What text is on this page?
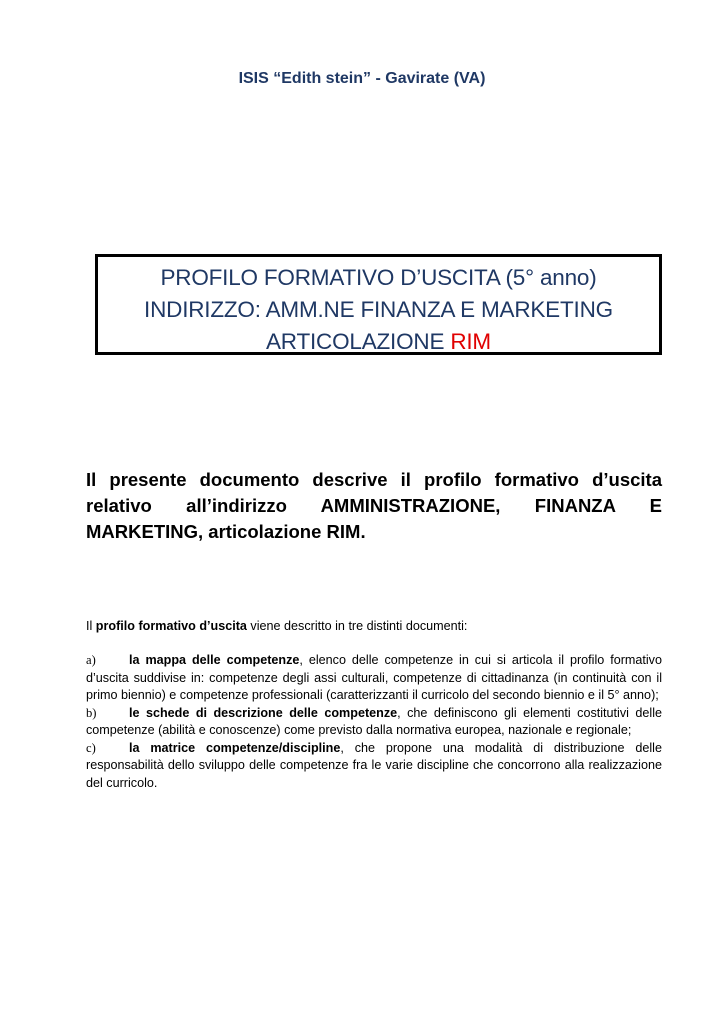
ISIS “Edith stein” - Gavirate (VA)
PROFILO FORMATIVO D’USCITA (5° anno)
INDIRIZZO: AMM.NE FINANZA E MARKETING
ARTICOLAZIONE RIM
Il presente documento descrive il profilo formativo d’uscita relativo all’indirizzo AMMINISTRAZIONE, FINANZA E MARKETING, articolazione RIM.
Il profilo formativo d’uscita viene descritto in tre distinti documenti:
a)	la mappa delle competenze, elenco delle competenze in cui si articola il profilo formativo d’uscita suddivise in: competenze degli assi culturali, competenze di cittadinanza (in continuità con il primo biennio) e competenze professionali (caratterizzanti il curricolo del secondo biennio e il 5° anno);
b)	le schede di descrizione delle competenze, che definiscono gli elementi costitutivi delle competenze (abilità e conoscenze) come previsto dalla normativa europea, nazionale e regionale;
c)	la matrice competenze/discipline, che propone una modalità di distribuzione delle responsabilità dello sviluppo delle competenze fra le varie discipline che concorrono alla realizzazione del curricolo.
